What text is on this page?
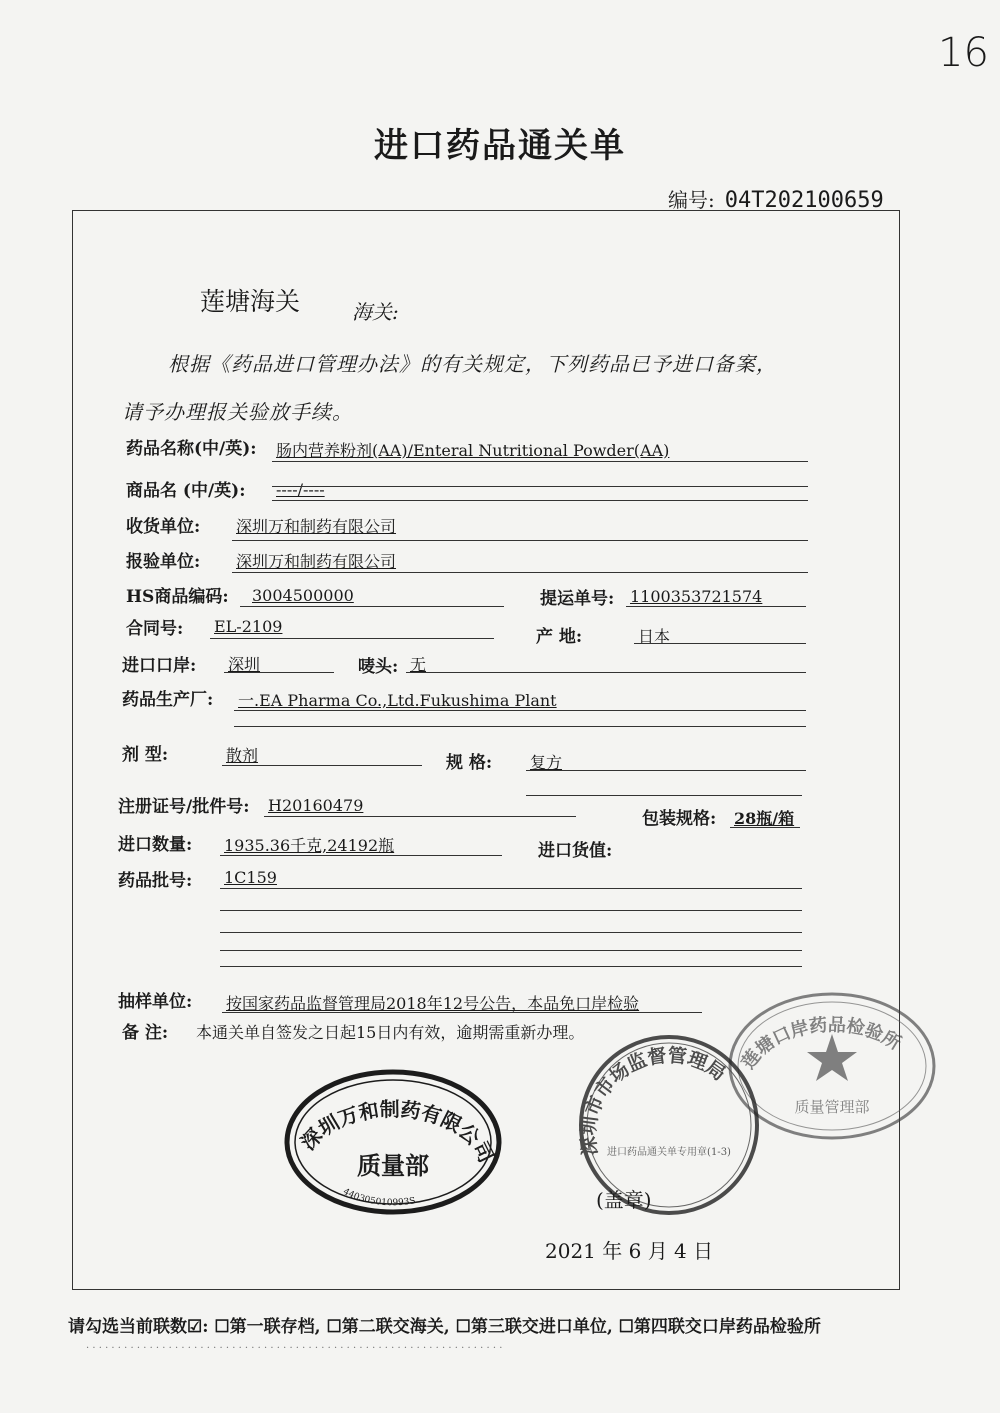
16
进口药品通关单
编号: 04T202100659
莲塘海关	海关:
根据《药品进口管理办法》的有关规定，下列药品已予进口备案，
请予办理报关验放手续。
药品名称(中/英): 肠内营养粉剂(AA)/Enteral Nutritional Powder(AA)
商品名 (中/英): ----/----
收货单位: 深圳万和制药有限公司
报验单位: 深圳万和制药有限公司
HS商品编码: 3004500000	提运单号: 1100353721574
合同号: EL-2109
产 地:	日本
进口口岸: 深圳	唛头: 无
药品生产厂: 一.EA Pharma Co.,Ltd.Fukushima Plant
剂 型:	散剂	规 格: 复方
注册证号/批件号: H20160479
包装规格: 28瓶/箱
进口数量: 1935.36千克,24192瓶	进口货值:
药品批号: 1C159
抽样单位: 按国家药品监督管理局2018年12号公告，本品免口岸检验
备 注: 本通关单自签发之日起15日内有效，逾期需重新办理。
深圳万和制药有限公司
质量部
440305010993S
莲塘口岸药品检验所
质量管理部
深圳市市场监督管理局
进口药品通关单专用章(1-3)
(盖章)
2021 年 6 月 4 日
请勾选当前联数☑: ☐第一联存档, ☐第二联交海关, ☐第三联交进口单位, ☐第四联交口岸药品检验所
· · · · · · · · · · · · · · · · · · · · · · · · · · · · · · · · · · · · · · · · · · · · · · · · · · · · · · · · · · · · · · · · · ·
